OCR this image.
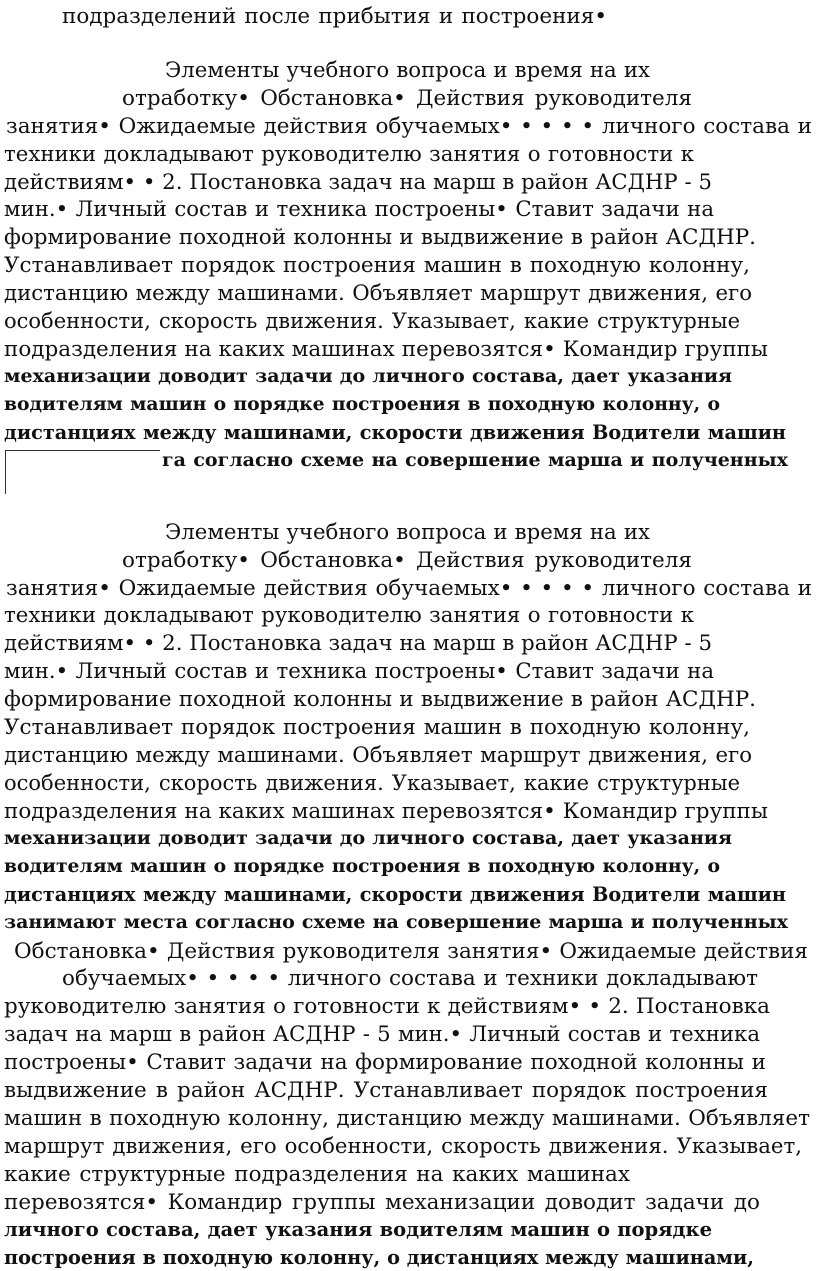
подразделений после прибытия и построения•
Элементы учебного вопроса и время на их
отработку• Обстановка• Действия руководителя
занятия• Ожидаемые действия обучаемых• • • • • личного состава и
техники докладывают руководителю занятия о готовности к
действиям• • 2. Постановка задач на марш в район АСДНР - 5
мин.• Личный состав и техника построены• Ставит задачи на
формирование походной колонны и выдвижение в район АСДНР.
Устанавливает порядок построения машин в походную колонну,
дистанцию между машинами. Объявляет маршрут движения, его
особенности, скорость движения. Указывает, какие структурные
подразделения на каких машинах перевозятся• Командир группы
механизации доводит задачи до личного состава, дает указания
водителям машин о порядке построения в походную колонну, о
дистанциях между машинами, скорости движения Водители машин
га согласно схеме на совершение марша и полученных
Элементы учебного вопроса и время на их
отработку• Обстановка• Действия руководителя
занятия• Ожидаемые действия обучаемых• • • • • личного состава и
техники докладывают руководителю занятия о готовности к
действиям• • 2. Постановка задач на марш в район АСДНР - 5
мин.• Личный состав и техника построены• Ставит задачи на
формирование походной колонны и выдвижение в район АСДНР.
Устанавливает порядок построения машин в походную колонну,
дистанцию между машинами. Объявляет маршрут движения, его
особенности, скорость движения. Указывает, какие структурные
подразделения на каких машинах перевозятся• Командир группы
механизации доводит задачи до личного состава, дает указания
водителям машин о порядке построения в походную колонну, о
дистанциях между машинами, скорости движения Водители машин
занимают места согласно схеме на совершение марша и полученных
Обстановка• Действия руководителя занятия• Ожидаемые действия
обучаемых• • • • • личного состава и техники докладывают
руководителю занятия о готовности к действиям• • 2. Постановка
задач на марш в район АСДНР - 5 мин.• Личный состав и техника
построены• Ставит задачи на формирование походной колонны и
выдвижение в район АСДНР. Устанавливает порядок построения
машин в походную колонну, дистанцию между машинами. Объявляет
маршрут движения, его особенности, скорость движения. Указывает,
какие структурные подразделения на каких машинах
перевозятся• Командир группы механизации доводит задачи до
личного состава, дает указания водителям машин о порядке
построения в походную колонну, о дистанциях между машинами,
